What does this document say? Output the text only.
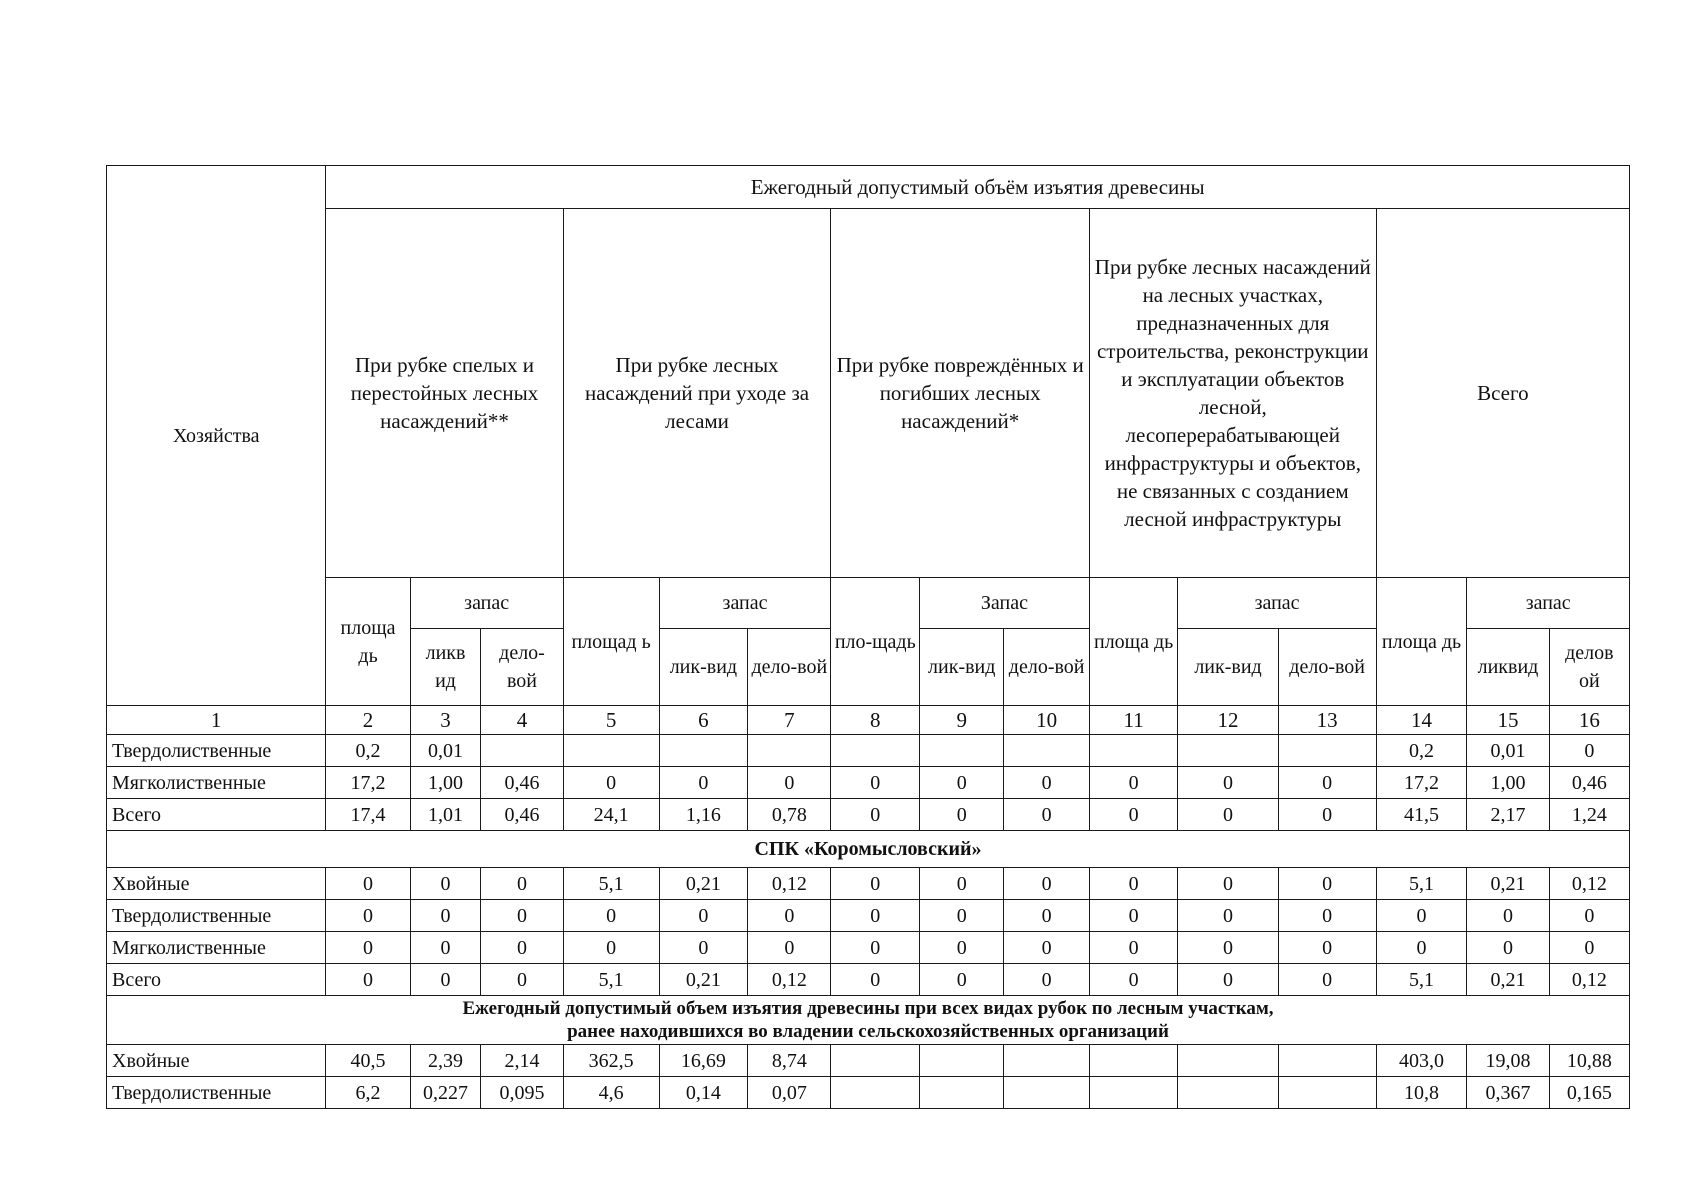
Хозяйства	Ежегодный допустимый объём изъятия древесины														
	При рубке спелых и перестойных лесных насаждений**			При рубке лесных насаждений при уходе за лесами			При рубке повреждённых и погибших лесных насаждений*			При рубке лесных насаждений на лесных участках, предназначенных для строительства, реконструкции и эксплуатации объектов лесной, лесоперерабатывающей инфраструктуры и объектов, не связанных с созданием лесной инфраструктуры			Всего		
	площа дь	запас		площад ь	запас		пло-щадь	Запас		площа дь	запас		площа дь	запас	
		ликв ид	дело-вой		лик-вид	дело-вой		лик-вид	дело-вой		лик-вид	дело-вой		ликвид	делов ой
1	2	3	4	5	6	7	8	9	10	11	12	13	14	15	16
Твердолиственные	0,2	0,01											0,2	0,01	0
Мягколиственные	17,2	1,00	0,46	0	0	0	0	0	0	0	0	0	17,2	1,00	0,46
Всего	17,4	1,01	0,46	24,1	1,16	0,78	0	0	0	0	0	0	41,5	2,17	1,24

СПК «Коромысловский»															

Хвойные	0	0	0	5,1	0,21	0,12	0	0	0	0	0	0	5,1	0,21	0,12
Твердолиственные	0	0	0	0	0	0	0	0	0	0	0	0	0	0	0
Мягколиственные	0	0	0	0	0	0	0	0	0	0	0	0	0	0	0
Всего	0	0	0	5,1	0,21	0,12	0	0	0	0	0	0	5,1	0,21	0,12

Ежегодный допустимый объем изъятия древесины при всех видах рубок по лесным участкам,
ранее находившихся во владении сельскохозяйственных организаций															

Хвойные	40,5	2,39	2,14	362,5	16,69	8,74							403,0	19,08	10,88
Твердолиственные	6,2	0,227	0,095	4,6	0,14	0,07							10,8	0,367	0,165
